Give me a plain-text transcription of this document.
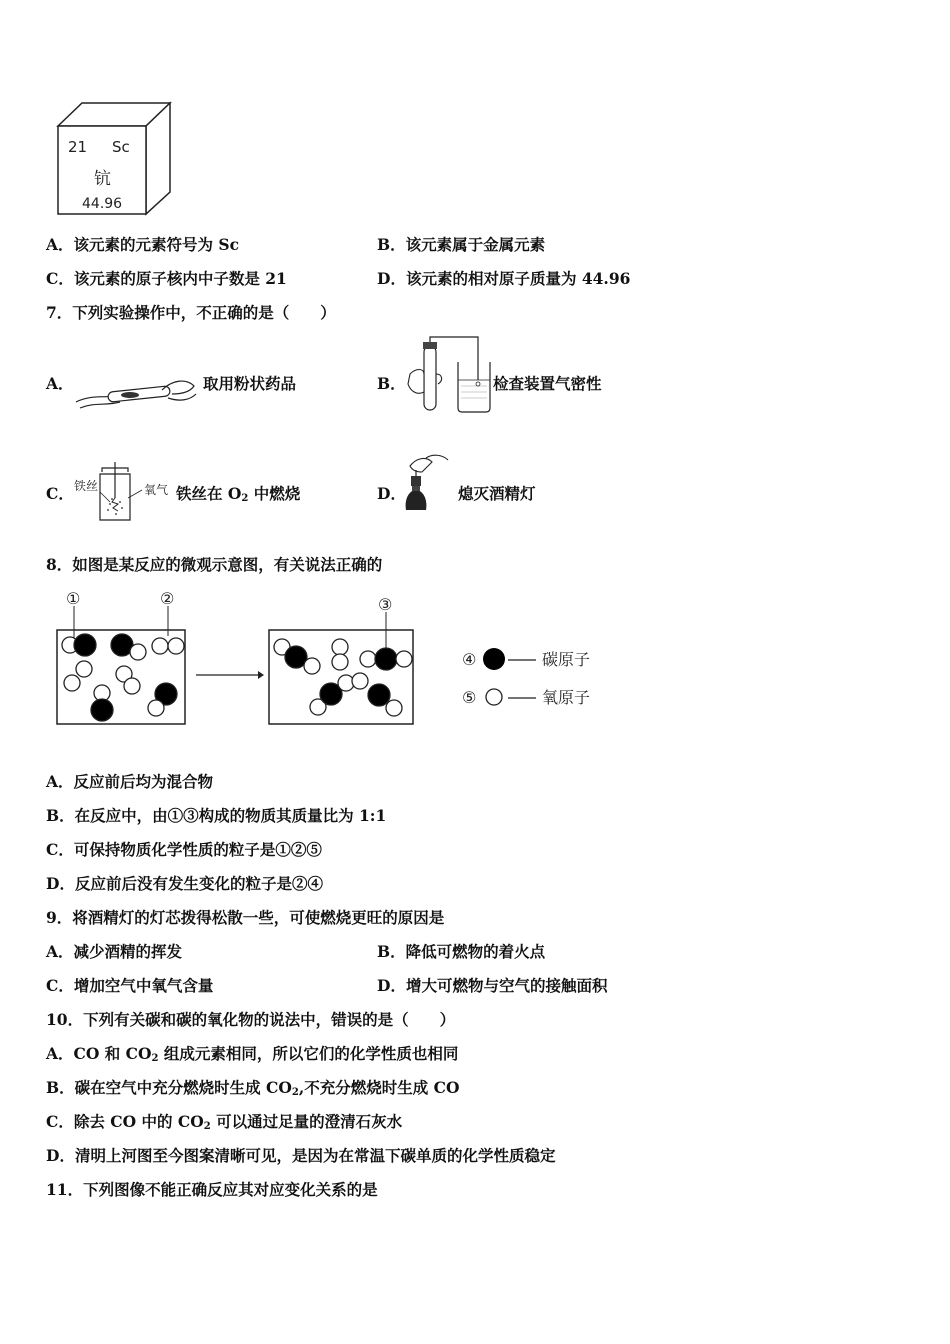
21 Sc
钪
44.96
A．该元素的元素符号为 Sc	B．该元素属于金属元素
C．该元素的原子核内中子数是 21	D．该元素的相对原子质量为 44.96
7．下列实验操作中，不正确的是（　　）
A．	取用粉状药品	B．	检查装置气密性
C． 铁丝	氧气 铁丝在 $O_2$ 中燃烧	D．	熄灭酒精灯
8．如图是某反应的微观示意图，有关说法正确的
①	②	③
④	碳原子
⑤	氧原子
A．反应前后均为混合物
B．在反应中，由①③构成的物质其质量比为 1:1
C．可保持物质化学性质的粒子是①②⑤
D．反应前后没有发生变化的粒子是②④
9．将酒精灯的灯芯拨得松散一些，可使燃烧更旺的原因是
A．减少酒精的挥发	B．降低可燃物的着火点
C．增加空气中氧气含量	D．增大可燃物与空气的接触面积
10．下列有关碳和碳的氧化物的说法中，错误的是（　　）
A．CO 和 $CO_2$ 组成元素相同，所以它们的化学性质也相同
B．碳在空气中充分燃烧时生成 $CO_2$,不充分燃烧时生成 CO
C．除去 CO 中的 $CO_2$ 可以通过足量的澄清石灰水
D．清明上河图至今图案清晰可见，是因为在常温下碳单质的化学性质稳定
11．下列图像不能正确反应其对应变化关系的是
